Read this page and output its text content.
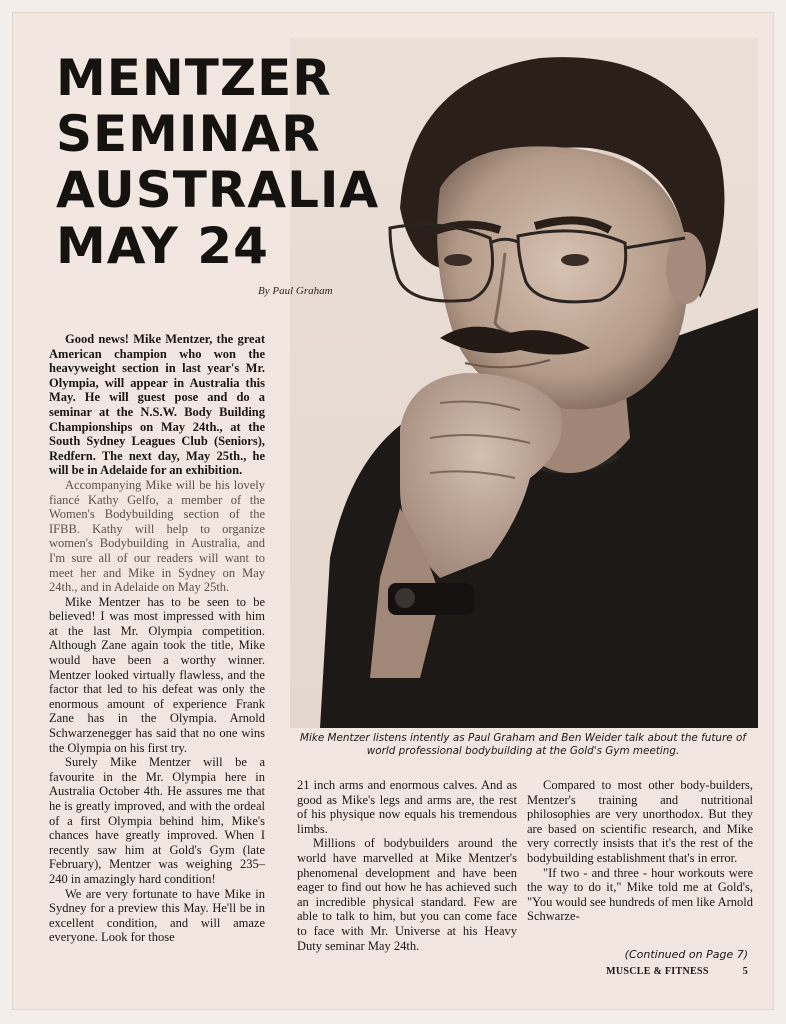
MENTZER
SEMINAR
AUSTRALIA
MAY 24
By Paul Graham
Mike Mentzer listens intently as Paul Graham and Ben Weider talk about the future of world professional bodybuilding at the Gold's Gym meeting.

Good news! Mike Mentzer, the great American champion who won the heavyweight section in last year's Mr. Olympia, will appear in Australia this May. He will guest pose and do a seminar at the N.S.W. Body Building Championships on May 24th., at the South Sydney Leagues Club (Seniors), Redfern. The next day, May 25th., he will be in Adelaide for an exhibition.

Accompanying Mike will be his lovely fiancé Kathy Gelfo, a member of the Women's Bodybuilding section of the IFBB. Kathy will help to organize women's Bodybuilding in Australia, and I'm sure all of our readers will want to meet her and Mike in Sydney on May 24th., and in Adelaide on May 25th.

Mike Mentzer has to be seen to be believed! I was most impressed with him at the last Mr. Olympia competition. Although Zane again took the title, Mike would have been a worthy winner. Mentzer looked virtually flawless, and the factor that led to his defeat was only the enormous amount of experience Frank Zane has in the Olympia. Arnold Schwarzenegger has said that no one wins the Olympia on his first try.

Surely Mike Mentzer will be a favourite in the Mr. Olympia here in Australia October 4th. He assures me that he is greatly improved, and with the ordeal of a first Olympia behind him, Mike's chances have greatly improved. When I recently saw him at Gold's Gym (late February), Mentzer was weighing 235–240 in amazingly hard condition!

We are very fortunate to have Mike in Sydney for a preview this May. He'll be in excellent condition, and will amaze everyone. Look for those

21 inch arms and enormous calves. And as good as Mike's legs and arms are, the rest of his physique now equals his tremendous limbs.

Millions of bodybuilders around the world have marvelled at Mike Mentzer's phenomenal development and have been eager to find out how he has achieved such an incredible physical standard. Few are able to talk to him, but you can come face to face with Mr. Universe at his Heavy Duty seminar May 24th.

Compared to most other body-builders, Mentzer's training and nutritional philosophies are very unorthodox. But they are based on scientific research, and Mike very correctly insists that it's the rest of the bodybuilding establishment that's in error.

"If two - and three - hour workouts were the way to do it," Mike told me at Gold's, "You would see hundreds of men like Arnold Schwarze-

(Continued on Page 7)
MUSCLE & FITNESS	5
